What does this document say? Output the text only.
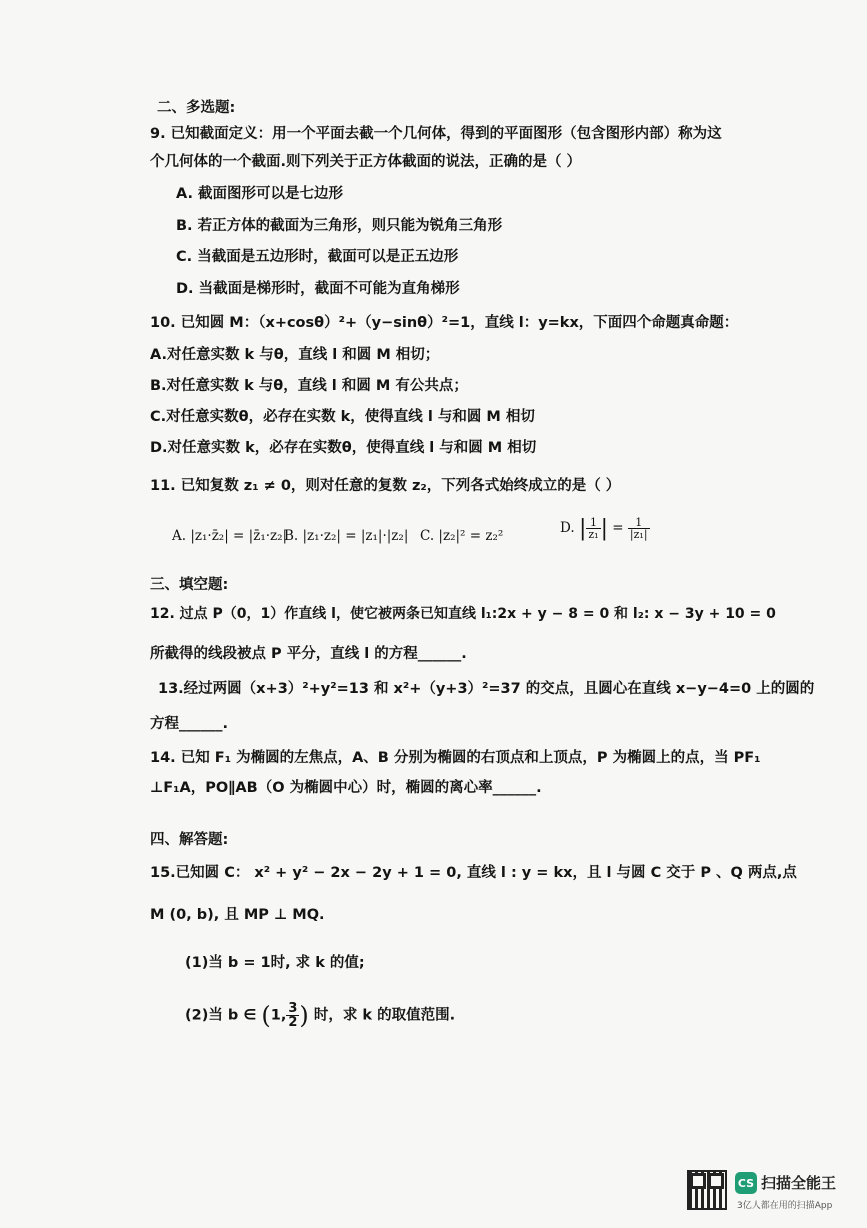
二、多选题:
9. 已知截面定义：用一个平面去截一个几何体，得到的平面图形（包含图形内部）称为这
个几何体的一个截面.则下列关于正方体截面的说法，正确的是（ ）
A. 截面图形可以是七边形
B. 若正方体的截面为三角形，则只能为锐角三角形
C. 当截面是五边形时，截面可以是正五边形
D. 当截面是梯形时，截面不可能为直角梯形
10. 已知圆 M：（x+cosθ）²+（y−sinθ）²=1，直线 l：y=kx，下面四个命题真命题：
A.对任意实数 k 与θ，直线 l 和圆 M 相切；
B.对任意实数 k 与θ，直线 l 和圆 M 有公共点；
C.对任意实数θ，必存在实数 k，使得直线 l 与和圆 M 相切
D.对任意实数 k，必存在实数θ，使得直线 l 与和圆 M 相切
11. 已知复数 z₁ ≠ 0，则对任意的复数 z₂，下列各式始终成立的是（ ）
A. |z₁·z̄₂| = |z̄₁·z₂|
B. |z₁·z₂| = |z₁|·|z₂| C. |z₂|² = z₂²	D. | $\frac{1}{\text{z₁}}$ | = $\frac{1}{\text{|z₁|}}$
三、填空题:
12. 过点 P（0，1）作直线 l，使它被两条已知直线 l₁:2x + y − 8 = 0 和 l₂: x − 3y + 10 = 0
所截得的线段被点 P 平分，直线 l 的方程______.
13.经过两圆（x+3）²+y²=13 和 x²+（y+3）²=37 的交点，且圆心在直线 x−y−4=0 上的圆的
方程______.
14. 已知 F₁ 为椭圆的左焦点，A、B 分别为椭圆的右顶点和上顶点，P 为椭圆上的点，当 PF₁
⊥F₁A，PO∥AB（O 为椭圆中心）时，椭圆的离心率______.
四、解答题:
15.已知圆 C： x² + y² − 2x − 2y + 1 = 0, 直线 l : y = kx，且 l 与圆 C 交于 P 、Q 两点,点
M (0, b), 且 MP ⊥ MQ.
(1)当 b = 1时, 求 k 的值;
(2)当 b ∈ (1, $\frac{3}{2}$ ) 时，求 k 的取值范围.
CS 扫描全能王
3亿人都在用的扫描App
